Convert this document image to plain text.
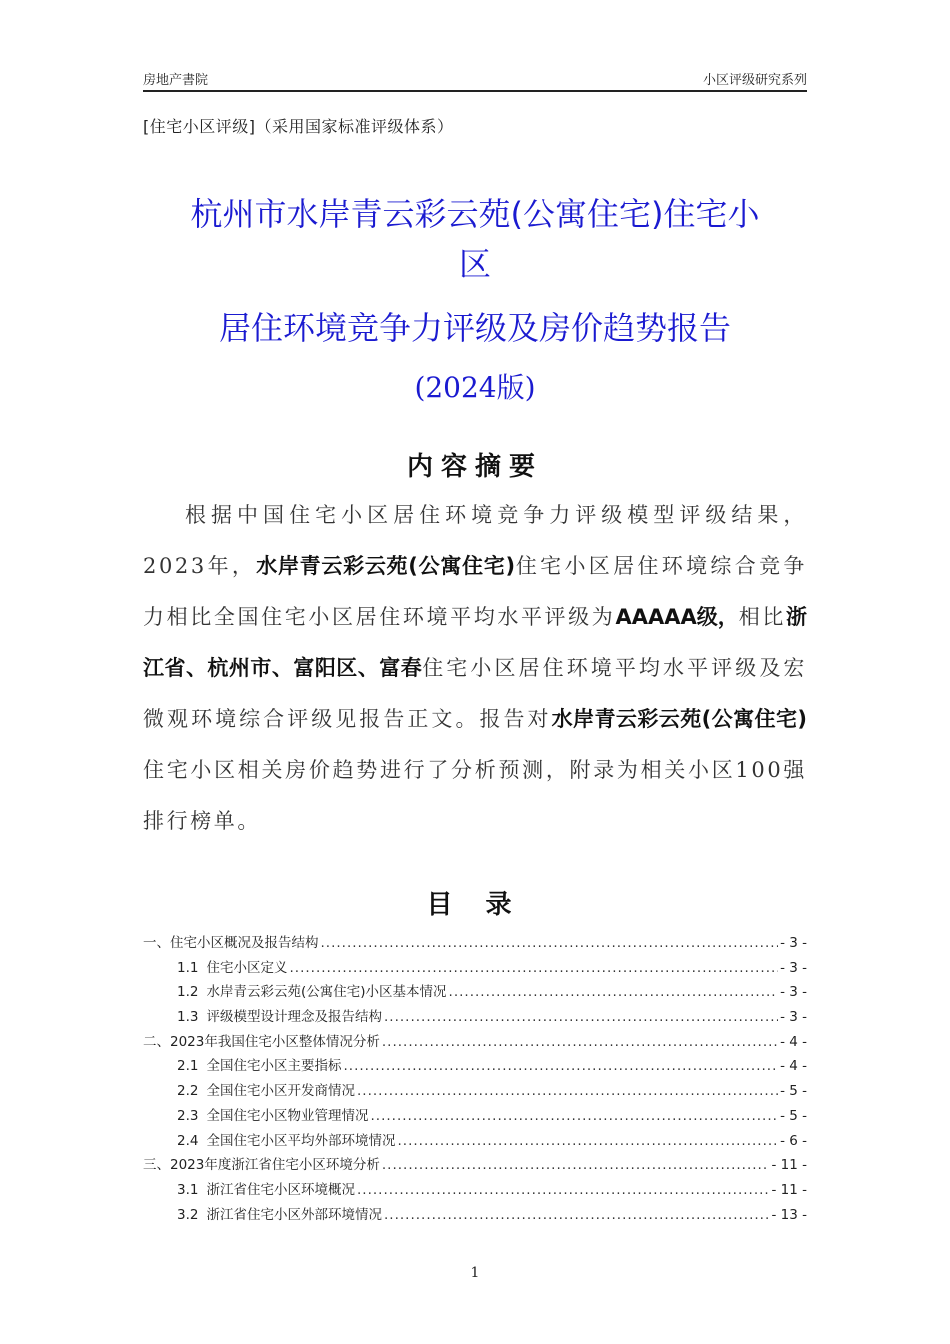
房地产書院	小区评级研究系列
[住宅小区评级]（采用国家标准评级体系）

杭州市水岸青云彩云苑(公寓住宅)住宅小

区

居住环境竞争力评级及房价趋势报告

(2024版)

内容摘要
根据中国住宅小区居住环境竞争力评级模型评级结果，2023年，水岸青云彩云苑(公寓住宅)住宅小区居住环境综合竞争力相比全国住宅小区居住环境平均水平评级为AAAAA级，相比浙江省、杭州市、富阳区、富春住宅小区居住环境平均水平评级及宏微观环境综合评级见报告正文。报告对水岸青云彩云苑(公寓住宅)住宅小区相关房价趋势进行了分析预测，附录为相关小区100强排行榜单。
目 录
一、住宅小区概况及报告结构 .....	- 3 -
1.1 住宅小区定义 .....	- 3 -
1.2 水岸青云彩云苑(公寓住宅)小区基本情况 .....	- 3 -
1.3 评级模型设计理念及报告结构 .....	- 3 -
二、2023年我国住宅小区整体情况分析 .....	- 4 -
2.1 全国住宅小区主要指标 .....	- 4 -
2.2 全国住宅小区开发商情况 .....	- 5 -
2.3 全国住宅小区物业管理情况 .....	- 5 -
2.4 全国住宅小区平均外部环境情况 .....	- 6 -
三、2023年度浙江省住宅小区环境分析 .....	- 11 -
3.1 浙江省住宅小区环境概况 .....	- 11 -
3.2 浙江省住宅小区外部环境情况 .....	- 13 -
1
